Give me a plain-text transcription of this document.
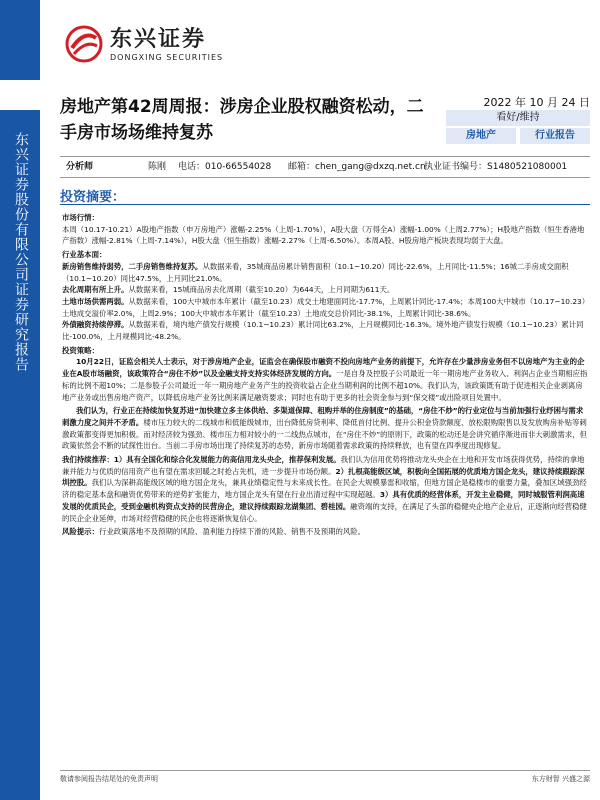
行业研究	东兴证券
DONGXING SECURITIES
房地产第42周周报：涉房企业股权融资松动，二手房市场场维持复苏
2022 年 10 月 24 日
看好/维持
房地产	行业报告
东兴证券股份有限公司证券研究报告	分析师	陈刚 电话：010-66554028 邮箱：chen_gang@dxzq.net.cn
执业证书编号：S1480521080001
投资摘要：
市场行情：
本周（10.17-10.21）A股地产指数（申万房地产）涨幅-2.25%（上周-1.70%），A股大盘（万得全A）涨幅-1.00%（上周2.77%）；H股地产指数（恒生香港地产指数）涨幅-2.81%（上周-7.14%），H股大盘（恒生指数）涨幅-2.27%（上周-6.50%）。本周A股、H股房地产板块表现均弱于大盘。
行业基本面：
新房销售维持弱势，二手房销售维持复苏。从数据来看，35城商品房累计销售面积（10.1~10.20）同比-22.6%，上月同比-11.5%；16城二手房成交面积（10.1~10.20）同比47.5%，上月同比21.0%。
去化周期有所上升。从数据来看，15城商品房去化周期（截至10.20）为644天，上月同期为611天。
土地市场供需两弱。从数据来看，100大中城市本年累计（截至10.23）成交土地建面同比-17.7%，上周累计同比-17.4%；本周100大中城市（10.17~10.23）土地成交溢价率2.0%，上周2.9%；100大中城市本年累计（截至10.23）土地成交总价同比-38.1%，上周累计同比-38.6%。
外债融资持续停滞。从数据来看，境内地产债发行规模（10.1~10.23）累计同比63.2%，上月规模同比-16.3%。境外地产债发行规模（10.1~10.23）累计同比-100.0%，上月规模同比-48.2%。
投资策略：
10月22日，证监会相关人士表示，对于涉房地产企业，证监会在确保股市融资不投向房地产业务的前提下，允许存在少量涉房业务但不以房地产为主业的企业在A股市场融资，该政策符合“房住不炒”以及金融支持支持实体经济发展的方向。一是自身及控股子公司最近一年一期房地产业务收入、利润占企业当期相应指标的比例不超10%；二是参股子公司最近一年一期房地产业务产生的投资收益占企业当期利润的比例不超10%。我们认为，该政策既有助于促进相关企业剥离房地产业务或出售房地产资产，以降低房地产业务比例来满足融资要求；同时也有助于更多的社会资金参与到“保交楼”或出险项目处置中。
我们认为，行业正在持续加快复苏进“加快建立多主体供给、多渠道保障、租购并举的住房制度”的基础，“房住不炒”的行业定位与当前加强行业纾困与需求刺激力度之间并不矛盾。楼市压力较大的二线城市和低能级城市，出台降低房贷利率、降低首付比例、提升公积金贷款额度、放松限购限售以及发放购房补贴等刺激政策都变得更加积极。而对经济较为强劲、楼市压力相对较小的一二线热点城市，在“房住不炒”的原则下，政策的松动还是会讲究循序渐进而非大刺激需求，但政策依然会不断的试探性出台。当前二手房市场出现了持续复苏的态势，新房市场随着需求政策的持续释放，也有望在四季度出现修复。
我们持续推荐：1）具有全国化和综合化发展能力的高信用龙头央企，推荐保利发展。我们认为信用优势将推动龙头央企在土地和开发市场获得优势，持续的拿地兼并能力与优质的信用资产也有望在需求回暖之时抢占先机，进一步提升市场份额。2）扎根高能级区域，积极向全国拓展的优质地方国企龙头，建议持续跟踪深圳控股。我们认为深耕高能级区域的地方国企龙头，兼具业绩稳定性与未来成长性。在民企大规模暴雷和收缩，但地方国企是稳楼市的重要力量，叠加区域强劲经济的稳定基本盘和融资优势带来的逆势扩张能力，地方国企龙头有望在行业出清过程中实现超越。3）具有优质的经营体系，开发主业稳健，同时城服管利润高速发展的优质民企，受到金融机构资点支持的民营房企，建议持续跟踪龙湖集团、碧桂园。融资端的支持，在满足了头部的稳健央企地产企业后，正逐渐向经营稳健的民企企业延伸，市场对经营稳健的民企也将逐渐恢复信心。
风险提示：行业政策落地不及预期的风险、盈利能力持续下滑的风险、销售不及预期的风险。
敬请参阅报告结尾处的免责声明	东方财智 兴盛之源
